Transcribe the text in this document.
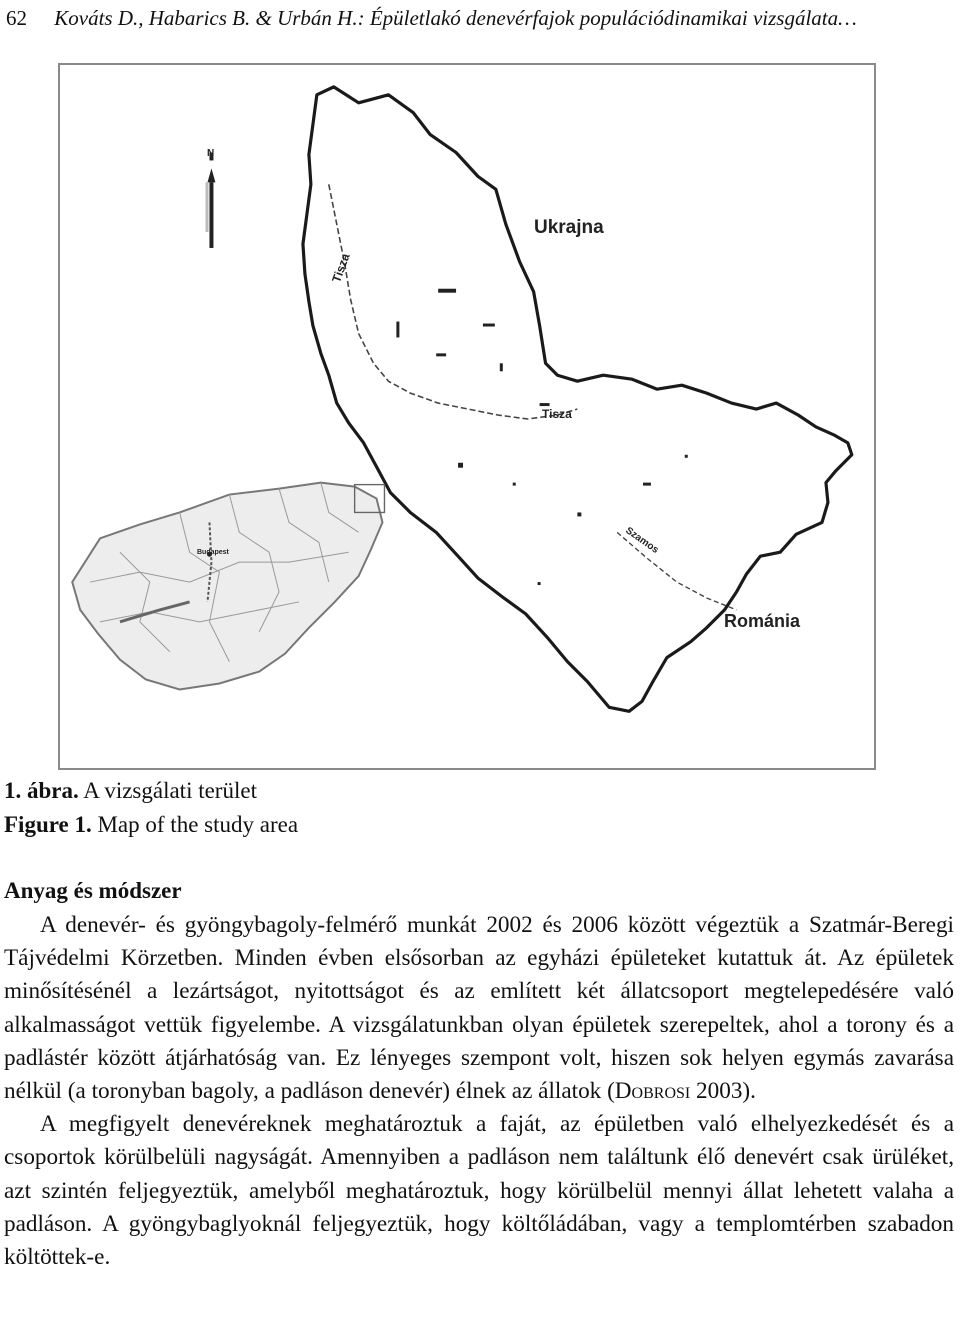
62 Kováts D., Habarics B. & Urbán H.: Épületlakó denevérfajok populációdinamikai vizsgálata…
N
Ukrajna
Románia
Tisza
Tisza
Szamos
Budapest
1. ábra. A vizsgálati terület
Figure 1. Map of the study area
Anyag és módszer

A denevér- és gyöngybagoly-felmérő munkát 2002 és 2006 között végeztük a Szatmár-Beregi Tájvédelmi Körzetben. Minden évben elsősorban az egyházi épületeket kutattuk át. Az épületek minősítésénél a lezártságot, nyitottságot és az említett két állatcsoport megtelepedésére való alkalmasságot vettük figyelembe. A vizsgálatunkban olyan épületek szerepeltek, ahol a torony és a padlástér között átjárhatóság van. Ez lényeges szempont volt, hiszen sok helyen egymás zavarása nélkül (a toronyban bagoly, a padláson denevér) élnek az állatok (Dobrosi 2003).

A megfigyelt denevéreknek meghatároztuk a faját, az épületben való elhelyezkedését és a csoportok körülbelüli nagyságát. Amennyiben a padláson nem találtunk élő denevért csak ürüléket, azt szintén feljegyeztük, amelyből meghatároztuk, hogy körülbelül mennyi állat lehetett valaha a padláson. A gyöngybaglyoknál feljegyeztük, hogy költőládában, vagy a templomtérben szabadon költöttek-e.
